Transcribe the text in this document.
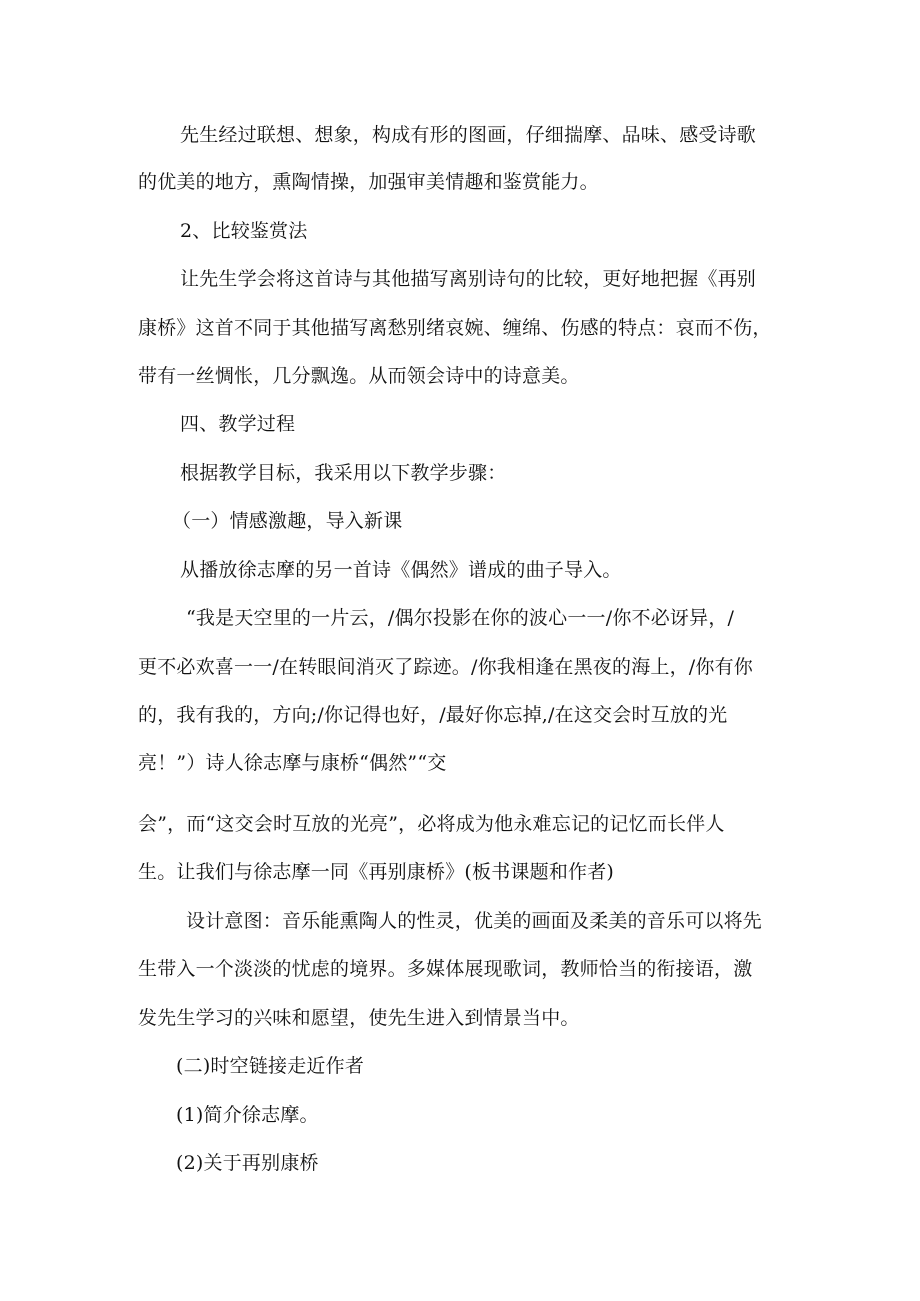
先生经过联想、想象，构成有形的图画，仔细揣摩、品味、感受诗歌
的优美的地方，熏陶情操，加强审美情趣和鉴赏能力。
2、比较鉴赏法
让先生学会将这首诗与其他描写离别诗句的比较，更好地把握《再别
康桥》这首不同于其他描写离愁别绪哀婉、缠绵、伤感的特点：哀而不伤，
带有一丝惆怅，几分飘逸。从而领会诗中的诗意美。
四、教学过程
根据教学目标，我采用以下教学步骤：
（一）情感激趣，导入新课
从播放徐志摩的另一首诗《偶然》谱成的曲子导入。
“我是天空里的一片云，/偶尔投影在你的波心一一/你不必讶异，/
更不必欢喜一一/在转眼间消灭了踪迹。/你我相逢在黑夜的海上，/你有你
的，我有我的，方向;/你记得也好，/最好你忘掉,/在这交会时互放的光
亮！”）诗人徐志摩与康桥“偶然”“交
会”，而“这交会时互放的光亮”，必将成为他永难忘记的记忆而长伴人
生。让我们与徐志摩一同《再别康桥》(板书课题和作者)
设计意图：音乐能熏陶人的性灵，优美的画面及柔美的音乐可以将先
生带入一个淡淡的忧虑的境界。多媒体展现歌词，教师恰当的衔接语，激
发先生学习的兴味和愿望，使先生进入到情景当中。
(二)时空链接走近作者
(1)简介徐志摩。
(2)关于再别康桥
